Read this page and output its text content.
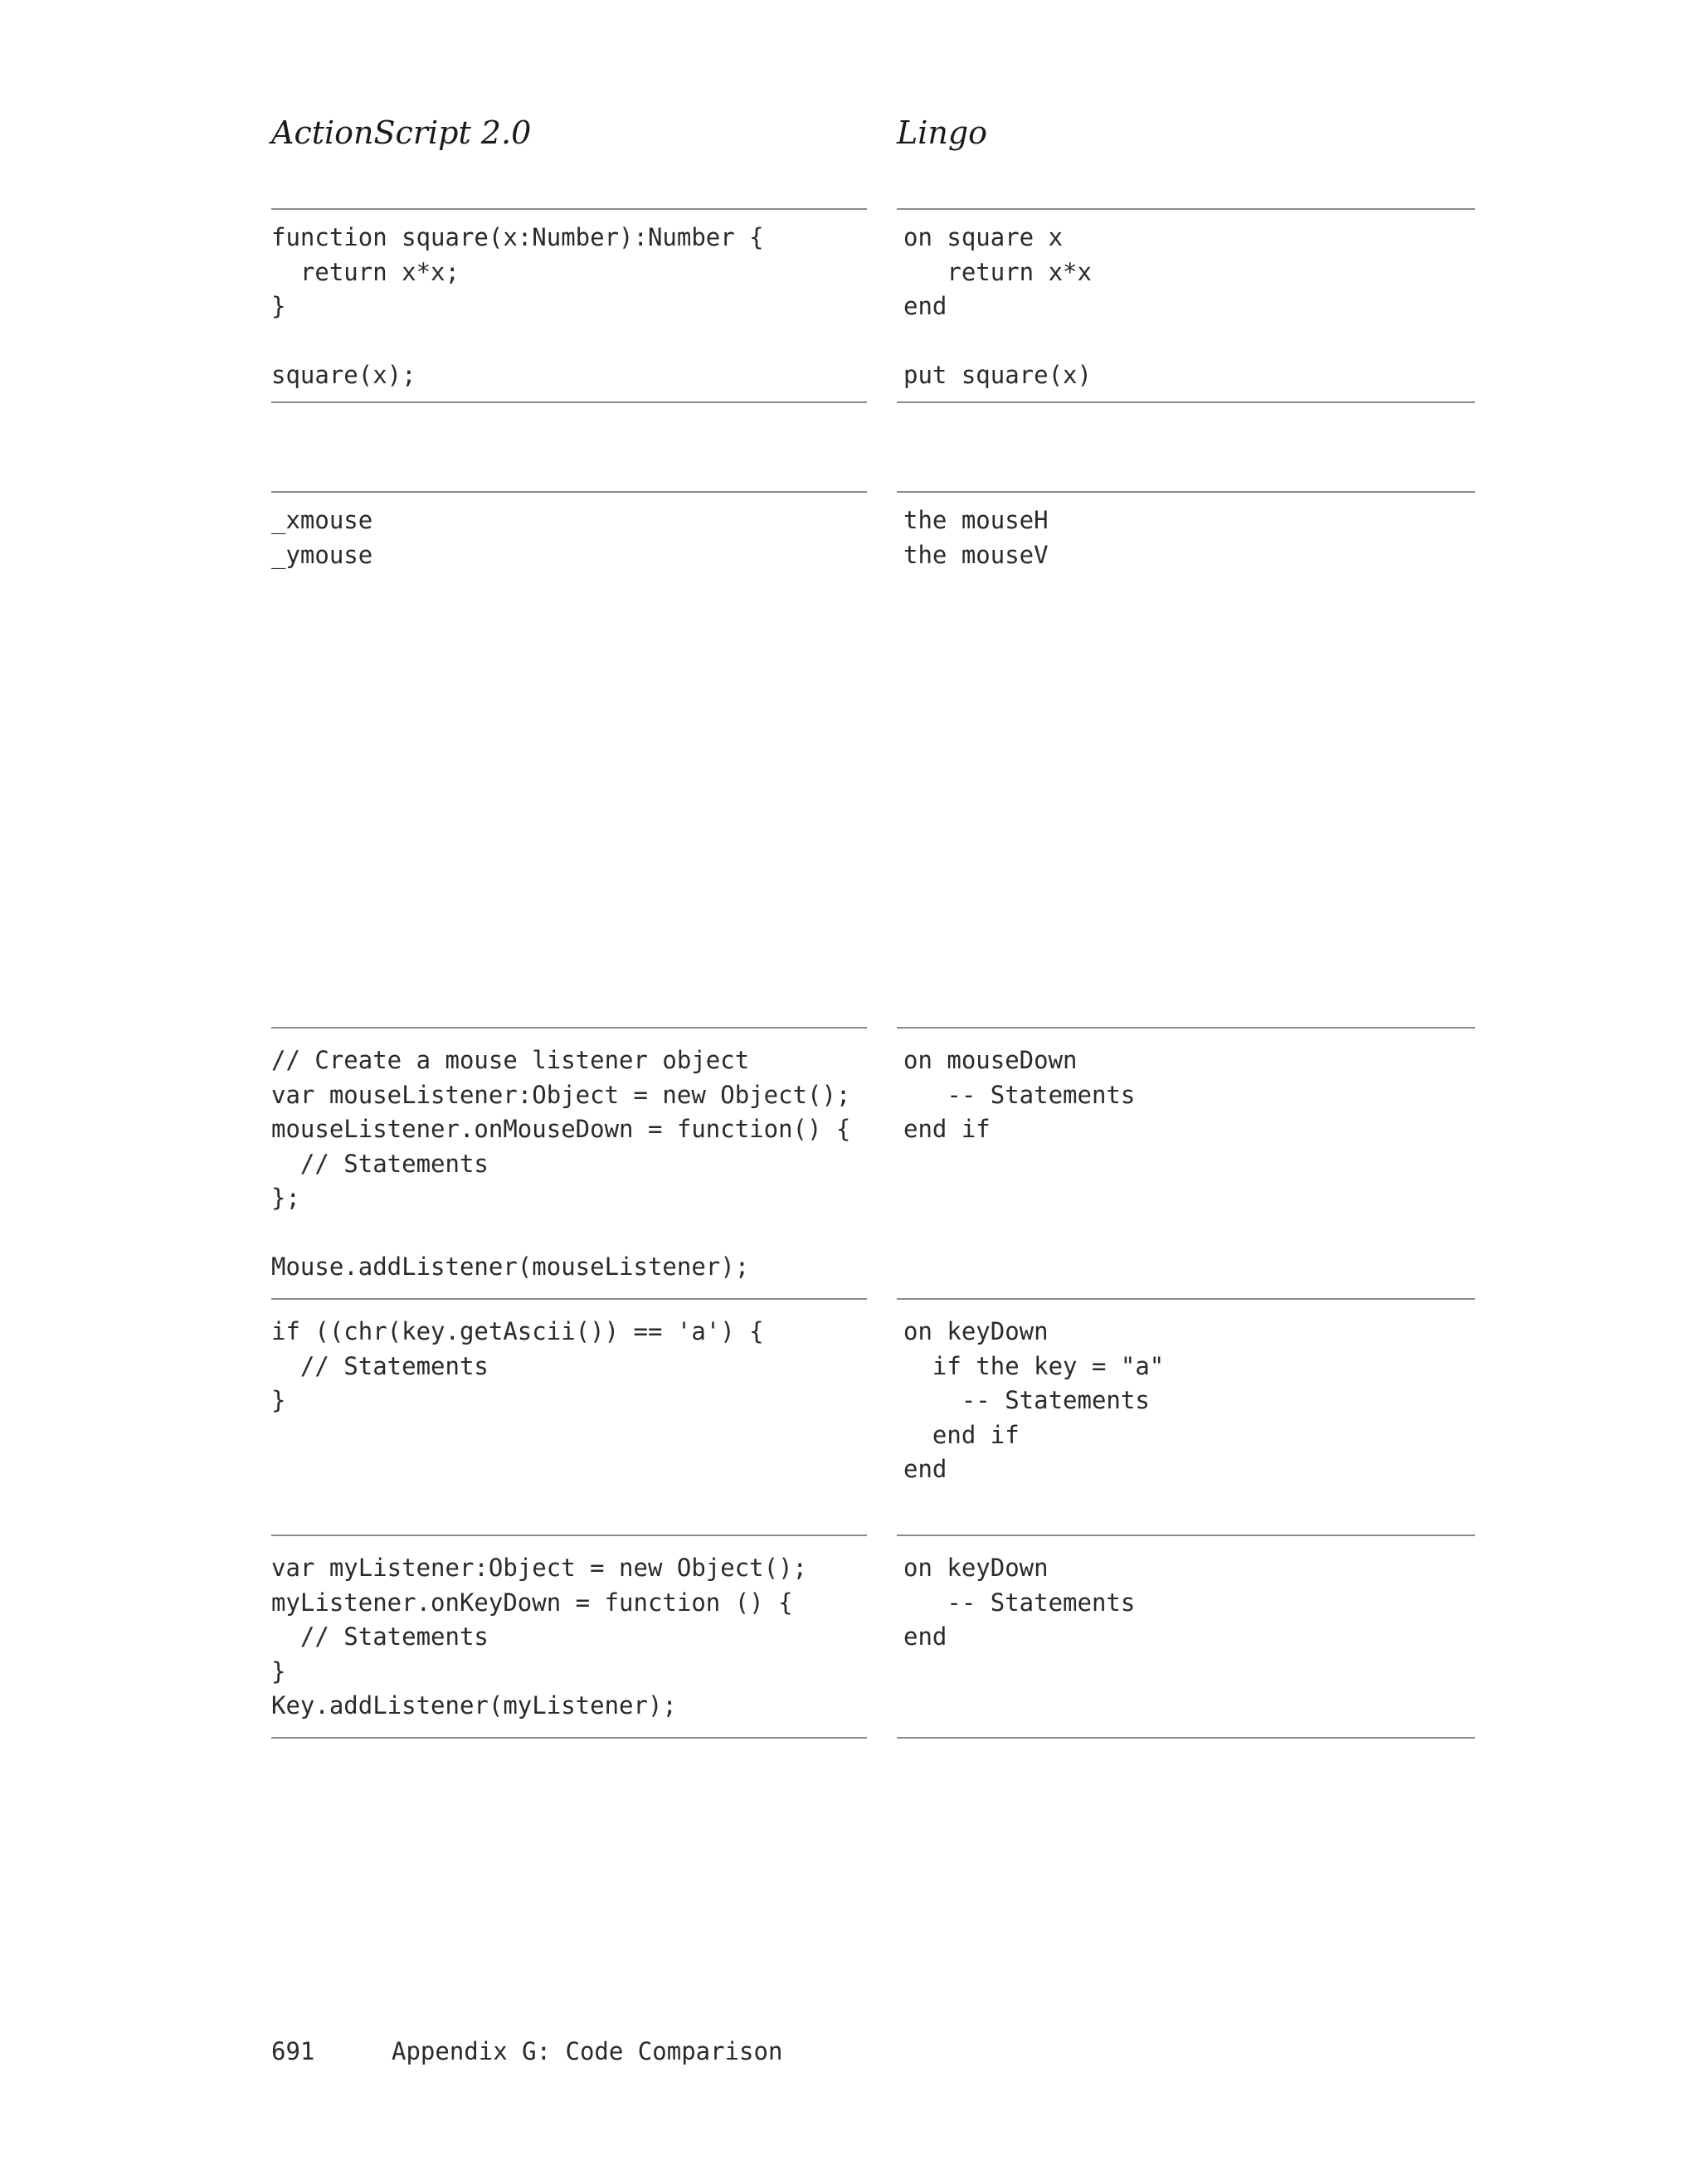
ActionScript 2.0	Lingo
function square(x:Number):Number {
return x*x;
}

square(x);
on square x
return x*x
end

put square(x)
_xmouse
_ymouse
the mouseH
the mouseV
// Create a mouse listener object
var mouseListener:Object = new Object();
mouseListener.onMouseDown = function() {
// Statements
};

Mouse.addListener(mouseListener);
on mouseDown
-- Statements
end if
if ((chr(key.getAscii()) == 'a') {
// Statements
}
on keyDown
if the key = "a"
-- Statements
end if
end
var myListener:Object = new Object();
myListener.onKeyDown = function () {
// Statements
}
Key.addListener(myListener);
on keyDown
-- Statements
end
691	Appendix G: Code Comparison
